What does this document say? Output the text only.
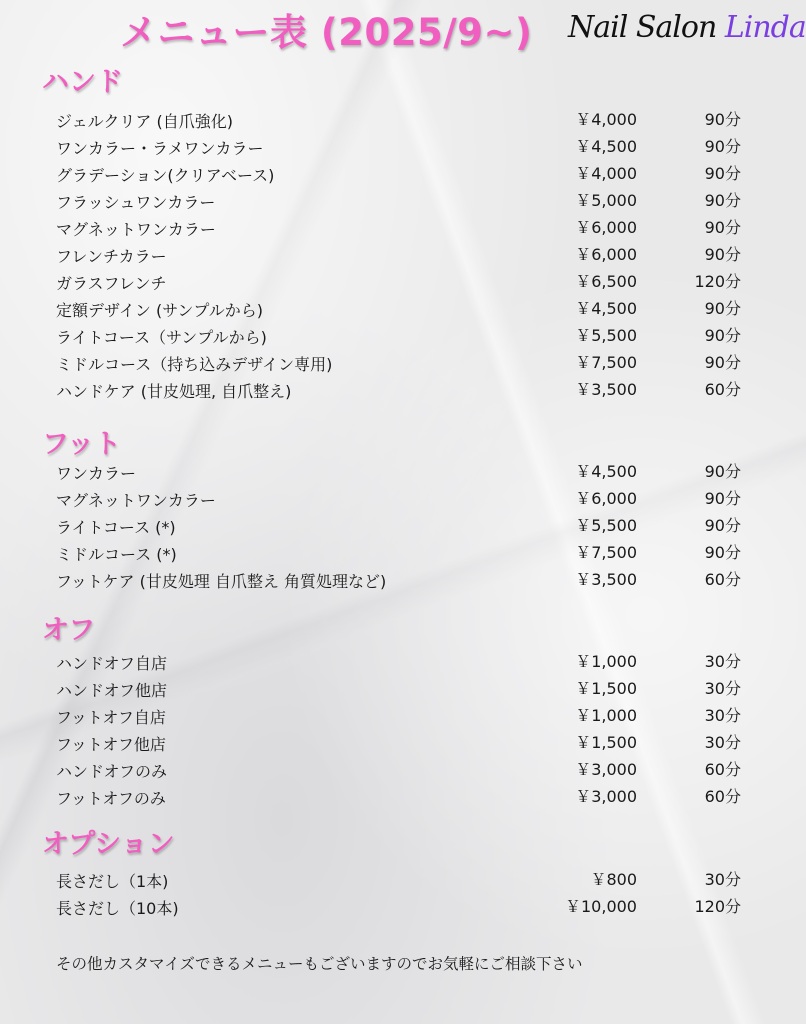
メニュー表 (2025/9~) Nail Salon Linda
ハンド
ジェルクリア (自爪強化)	￥4,000	90分
ワンカラー・ラメワンカラー	￥4,500	90分
グラデーション(クリアベース)	￥4,000	90分
フラッシュワンカラー	￥5,000	90分
マグネットワンカラー	￥6,000	90分
フレンチカラー	￥6,000	90分
ガラスフレンチ	￥6,500	120分
定額デザイン (サンプルから)	￥4,500	90分
ライトコース（サンプルから)	￥5,500	90分
ミドルコース（持ち込みデザイン専用)	￥7,500	90分
ハンドケア (甘皮処理, 自爪整え)	￥3,500	60分
フット
ワンカラー	￥4,500	90分
マグネットワンカラー	￥6,000	90分
ライトコース (*)	￥5,500	90分
ミドルコース (*)	￥7,500	90分
フットケア (甘皮処理 自爪整え 角質処理など)	￥3,500	60分
オフ
ハンドオフ自店	￥1,000	30分
ハンドオフ他店	￥1,500	30分
フットオフ自店	￥1,000	30分
フットオフ他店	￥1,500	30分
ハンドオフのみ	￥3,000	60分
フットオフのみ	￥3,000	60分
オプション
長さだし（1本)	￥800	30分
長さだし（10本)	￥10,000	120分
その他カスタマイズできるメニューもございますのでお気軽にご相談下さい
